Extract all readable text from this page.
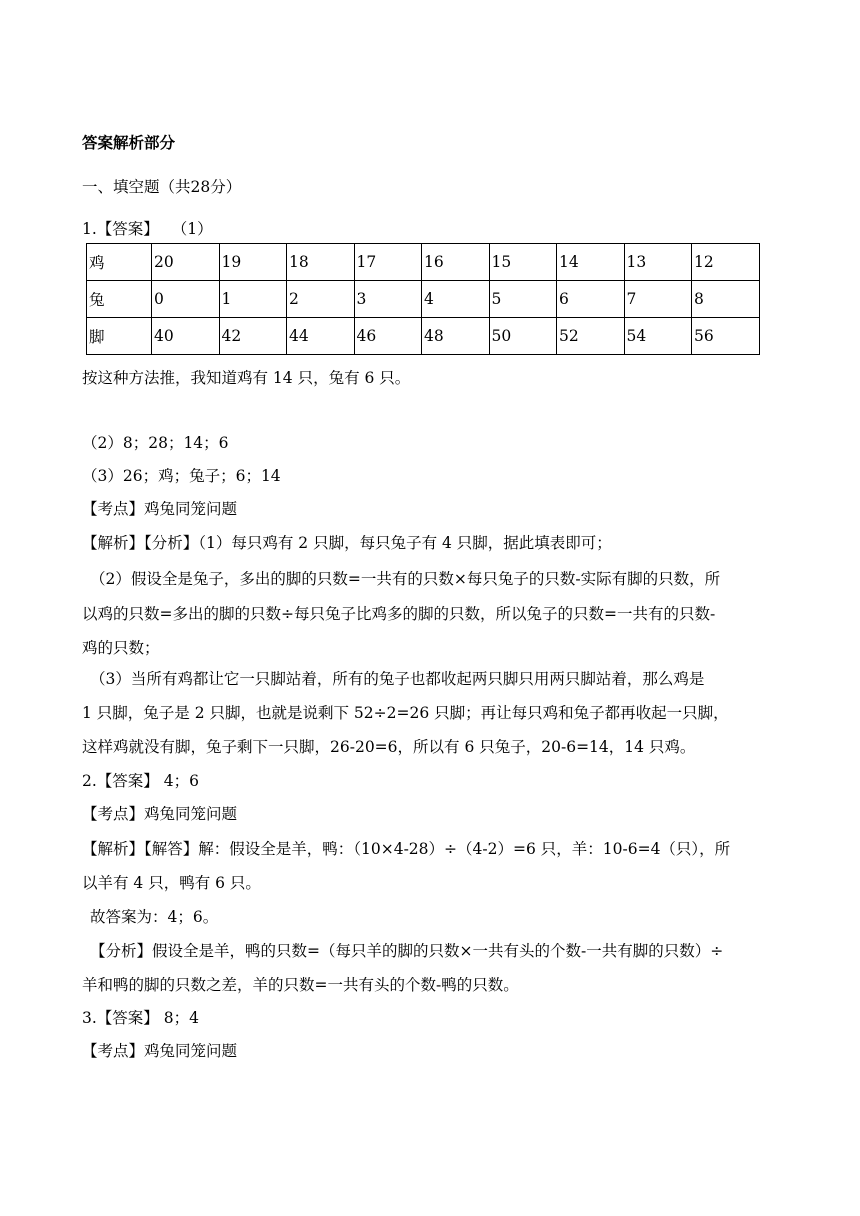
答案解析部分
一、填空题（共28分）
1.【答案】 （1）
鸡	20	19	18	17	16	15	14	13	12
兔	0	1	2	3	4	5	6	7	8
脚	40	42	44	46	48	50	52	54	56
按这种方法推，我知道鸡有 14 只，兔有 6 只。
（2）8；28；14；6
（3）26；鸡；兔子；6；14
【考点】鸡兔同笼问题
【解析】【分析】（1）每只鸡有 2 只脚，每只兔子有 4 只脚，据此填表即可；
（2）假设全是兔子，多出的脚的只数=一共有的只数×每只兔子的只数-实际有脚的只数，所
以鸡的只数=多出的脚的只数÷每只兔子比鸡多的脚的只数，所以兔子的只数=一共有的只数-
鸡的只数；
（3）当所有鸡都让它一只脚站着，所有的兔子也都收起两只脚只用两只脚站着，那么鸡是
1 只脚，兔子是 2 只脚，也就是说剩下 52÷2=26 只脚；再让每只鸡和兔子都再收起一只脚，
这样鸡就没有脚，兔子剩下一只脚，26-20=6，所以有 6 只兔子，20-6=14，14 只鸡。
2.【答案】 4；6
【考点】鸡兔同笼问题
【解析】【解答】解：假设全是羊，鸭：（10×4-28）÷（4-2）=6 只，羊：10-6=4（只），所
以羊有 4 只，鸭有 6 只。
故答案为：4；6。
【分析】假设全是羊，鸭的只数=（每只羊的脚的只数×一共有头的个数-一共有脚的只数）÷
羊和鸭的脚的只数之差，羊的只数=一共有头的个数-鸭的只数。
3.【答案】 8；4
【考点】鸡兔同笼问题
